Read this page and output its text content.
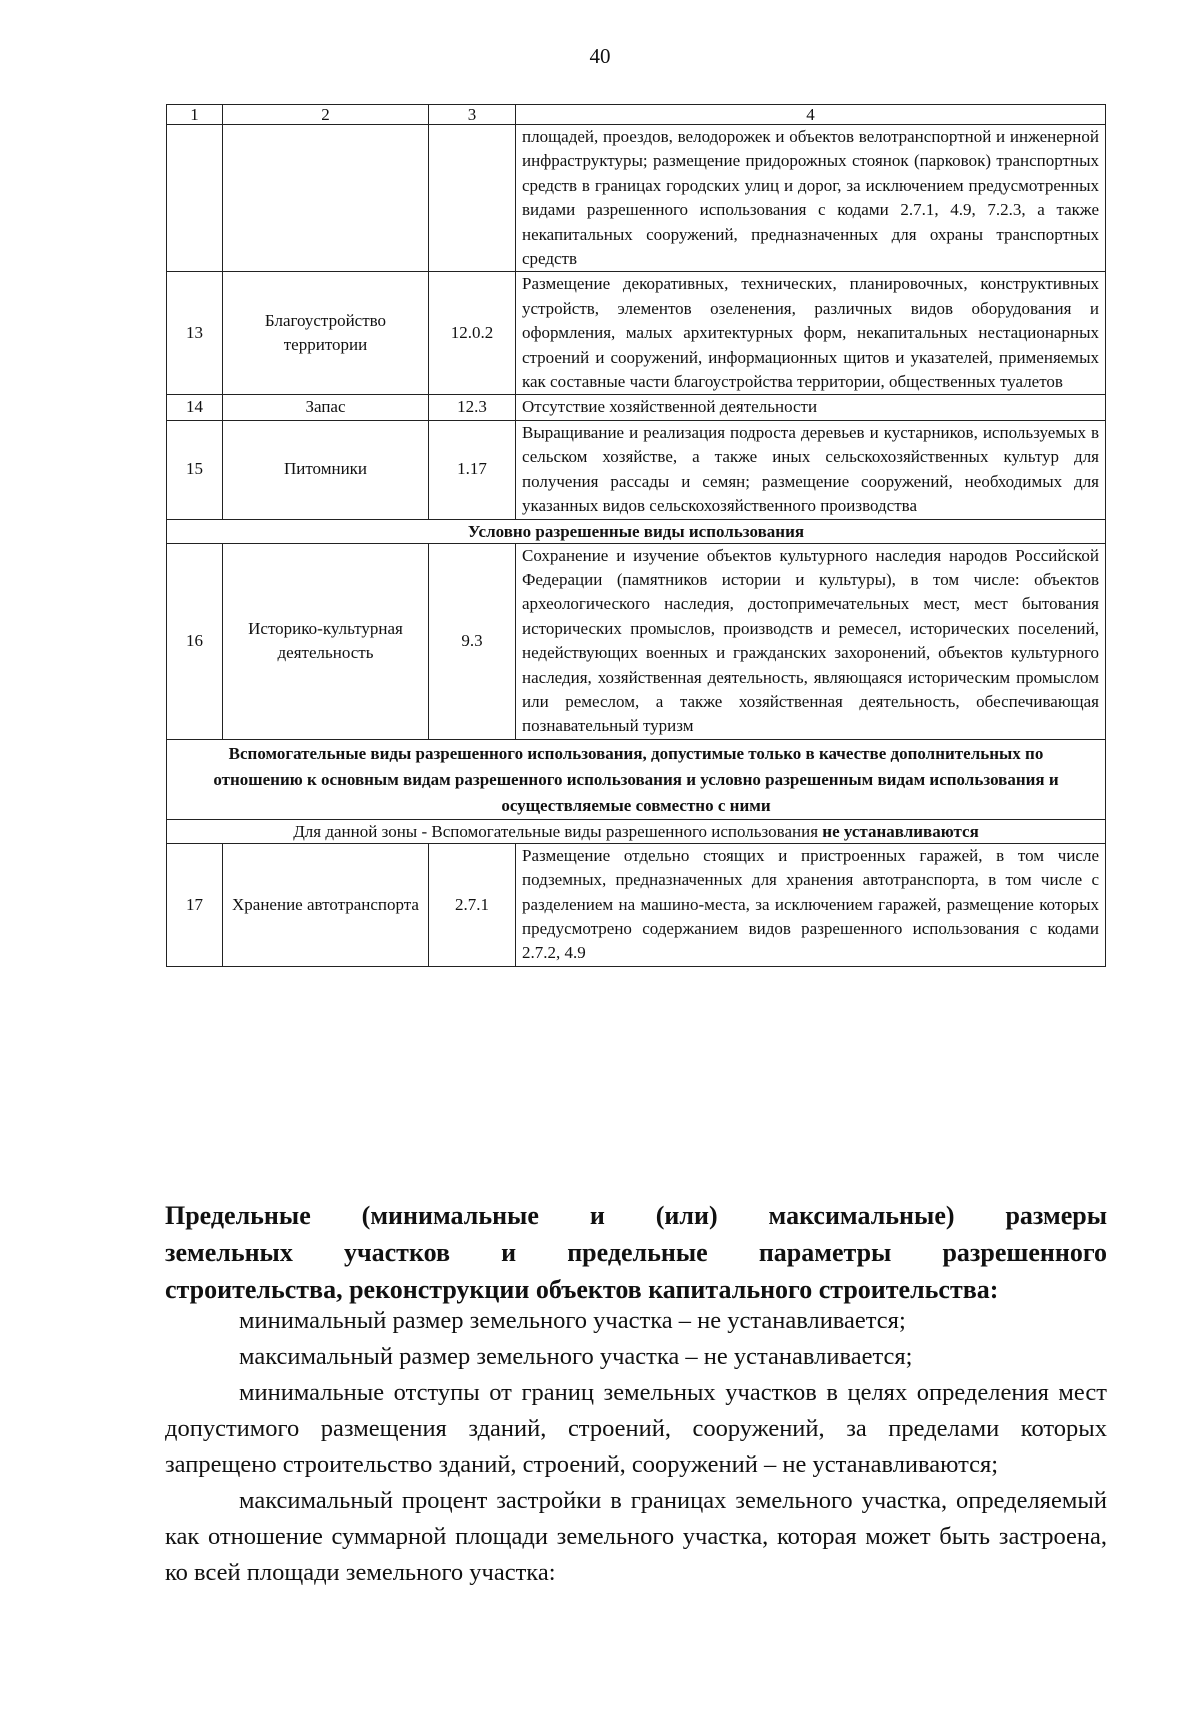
40
1	2	3	4
			площадей, проездов, велодорожек и объектов велотранспортной и инженерной инфраструктуры; размещение придорожных стоянок (парковок) транспортных средств в границах городских улиц и дорог, за исключением предусмотренных видами разрешенного использования с кодами 2.7.1, 4.9, 7.2.3, а также некапитальных сооружений, предназначенных для охраны транспортных средств
13	Благоустройство территории	12.0.2	Размещение декоративных, технических, планировочных, конструктивных устройств, элементов озеленения, различных видов оборудования и оформления, малых архитектурных форм, некапитальных нестационарных строений и сооружений, информационных щитов и указателей, применяемых как составные части благоустройства территории, общественных туалетов
14	Запас	12.3	Отсутствие хозяйственной деятельности
15	Питомники	1.17	Выращивание и реализация подроста деревьев и кустарников, используемых в сельском хозяйстве, а также иных сельскохозяйственных культур для получения рассады и семян; размещение сооружений, необходимых для указанных видов сельскохозяйственного производства
Условно разрешенные виды использования			
16	Историко-культурная деятельность	9.3	Сохранение и изучение объектов культурного наследия народов Российской Федерации (памятников истории и культуры), в том числе: объектов археологического наследия, достопримечательных мест, мест бытования исторических промыслов, производств и ремесел, исторических поселений, недействующих военных и гражданских захоронений, объектов культурного наследия, хозяйственная деятельность, являющаяся историческим промыслом или ремеслом, а также хозяйственная деятельность, обеспечивающая познавательный туризм
Вспомогательные виды разрешенного использования, допустимые только в качестве дополнительных по отношению к основным видам разрешенного использования и условно разрешенным видам использования и осуществляемые совместно с ними			
Для данной зоны - Вспомогательные виды разрешенного использования не устанавливаются			
17	Хранение автотранспорта	2.7.1	Размещение отдельно стоящих и пристроенных гаражей, в том числе подземных, предназначенных для хранения автотранспорта, в том числе с разделением на машино-места, за исключением гаражей, размещение которых предусмотрено содержанием видов разрешенного использования с кодами 2.7.2, 4.9
Предельные (минимальные и (или) максимальные) размеры
земельных участков и предельные параметры разрешенного
строительства, реконструкции объектов капитального строительства:

минимальный размер земельного участка – не устанавливается;

максимальный размер земельного участка – не устанавливается;

минимальные отступы от границ земельных участков в целях определения мест допустимого размещения зданий, строений, сооружений, за пределами которых запрещено строительство зданий, строений, сооружений – не устанавливаются;

максимальный процент застройки в границах земельного участка, определяемый как отношение суммарной площади земельного участка, которая может быть застроена, ко всей площади земельного участка:
